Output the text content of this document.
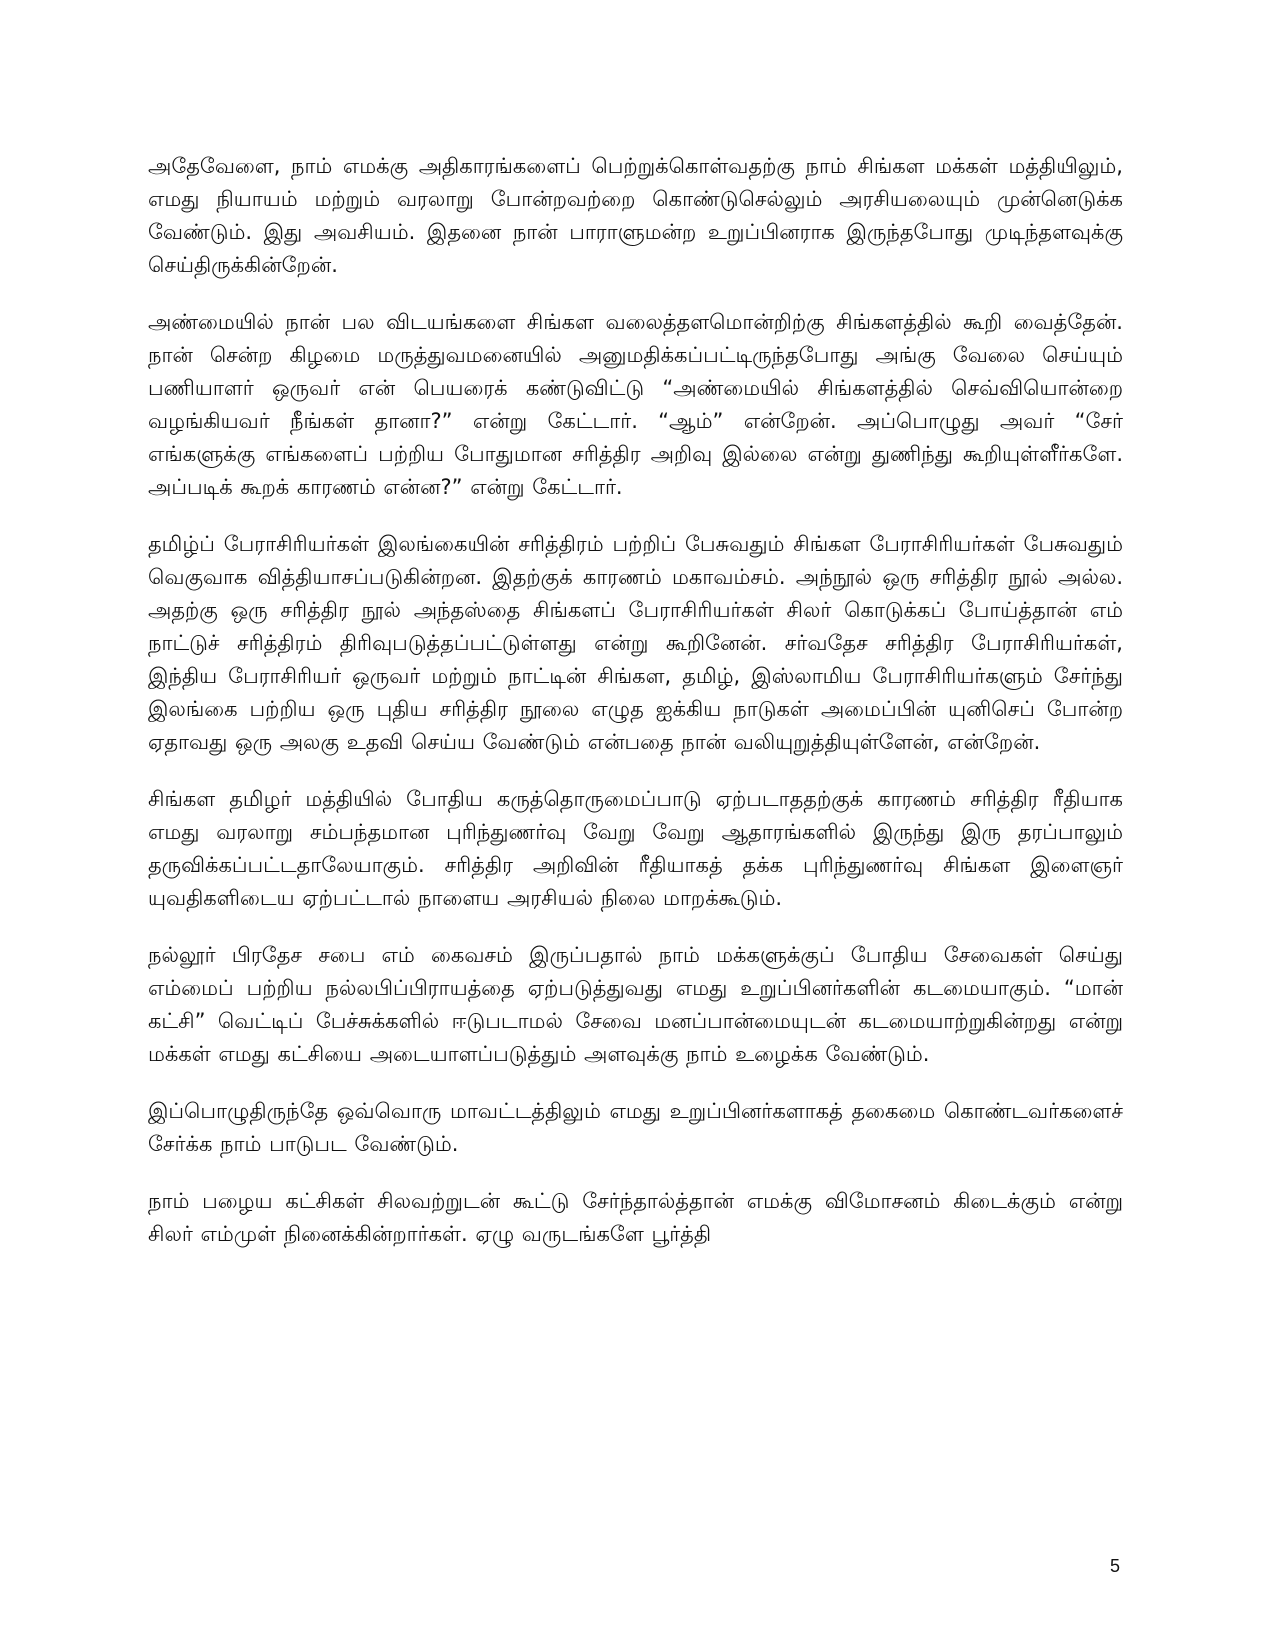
அதேவேளை, நாம் எமக்கு அதிகாரங்களைப் பெற்றுக்கொள்வதற்கு நாம் சிங்கள மக்கள் மத்தியிலும், எமது நியாயம் மற்றும் வரலாறு போன்றவற்றை கொண்டுசெல்லும் அரசியலையும் முன்னெடுக்க வேண்டும். இது அவசியம். இதனை நான் பாராளுமன்ற உறுப்பினராக இருந்தபோது முடிந்தளவுக்கு செய்திருக்கின்றேன்.

அண்மையில் நான் பல விடயங்களை சிங்கள வலைத்தளமொன்றிற்கு சிங்களத்தில் கூறி வைத்தேன். நான் சென்ற கிழமை மருத்துவமனையில் அனுமதிக்கப்பட்டிருந்தபோது அங்கு வேலை செய்யும் பணியாளர் ஒருவர் என் பெயரைக் கண்டுவிட்டு “அண்மையில் சிங்களத்தில் செவ்வியொன்றை வழங்கியவர் நீங்கள் தானா?” என்று கேட்டார். “ஆம்” என்றேன். அப்பொழுது அவர் “சேர் எங்களுக்கு எங்களைப் பற்றிய போதுமான சரித்திர அறிவு இல்லை என்று துணிந்து கூறியுள்ளீர்களே. அப்படிக் கூறக் காரணம் என்ன?” என்று கேட்டார்.

தமிழ்ப் பேராசிரியர்கள் இலங்கையின் சரித்திரம் பற்றிப் பேசுவதும் சிங்கள பேராசிரியர்கள் பேசுவதும் வெகுவாக வித்தியாசப்படுகின்றன. இதற்குக் காரணம் மகாவம்சம். அந்நூல் ஒரு சரித்திர நூல் அல்ல. அதற்கு ஒரு சரித்திர நூல் அந்தஸ்தை சிங்களப் பேராசிரியர்கள் சிலர் கொடுக்கப் போய்த்தான் எம் நாட்டுச் சரித்திரம் திரிவுபடுத்தப்பட்டுள்ளது என்று கூறினேன். சர்வதேச சரித்திர பேராசிரியர்கள், இந்திய பேராசிரியர் ஒருவர் மற்றும் நாட்டின் சிங்கள, தமிழ், இஸ்லாமிய பேராசிரியர்களும் சேர்ந்து இலங்கை பற்றிய ஒரு புதிய சரித்திர நூலை எழுத ஐக்கிய நாடுகள் அமைப்பின் யுனிசெப் போன்ற ஏதாவது ஒரு அலகு உதவி செய்ய வேண்டும் என்பதை நான் வலியுறுத்தியுள்ளேன், என்றேன்.

சிங்கள தமிழர் மத்தியில் போதிய கருத்தொருமைப்பாடு ஏற்படாததற்குக் காரணம் சரித்திர ரீதியாக எமது வரலாறு சம்பந்தமான புரிந்துணர்வு வேறு வேறு ஆதாரங்களில் இருந்து இரு தரப்பாலும் தருவிக்கப்பட்டதாலேயாகும். சரித்திர அறிவின் ரீதியாகத் தக்க புரிந்துணர்வு சிங்கள இளைஞர் யுவதிகளிடைய ஏற்பட்டால் நாளைய அரசியல் நிலை மாறக்கூடும்.

நல்லூர் பிரதேச சபை எம் கைவசம் இருப்பதால் நாம் மக்களுக்குப் போதிய சேவைகள் செய்து எம்மைப் பற்றிய நல்லபிப்பிராயத்தை ஏற்படுத்துவது எமது உறுப்பினர்களின் கடமையாகும். “மான் கட்சி” வெட்டிப் பேச்சுக்களில் ஈடுபடாமல் சேவை மனப்பான்மையுடன் கடமையாற்றுகின்றது என்று மக்கள் எமது கட்சியை அடையாளப்படுத்தும் அளவுக்கு நாம் உழைக்க வேண்டும்.

இப்பொழுதிருந்தே ஒவ்வொரு மாவட்டத்திலும் எமது உறுப்பினர்களாகத் தகைமை கொண்டவர்களைச் சேர்க்க நாம் பாடுபட வேண்டும்.

நாம் பழைய கட்சிகள் சிலவற்றுடன் கூட்டு சேர்ந்தால்த்தான் எமக்கு விமோசனம் கிடைக்கும் என்று சிலர் எம்முள் நினைக்கின்றார்கள். ஏழு வருடங்களே பூர்த்தி

5
